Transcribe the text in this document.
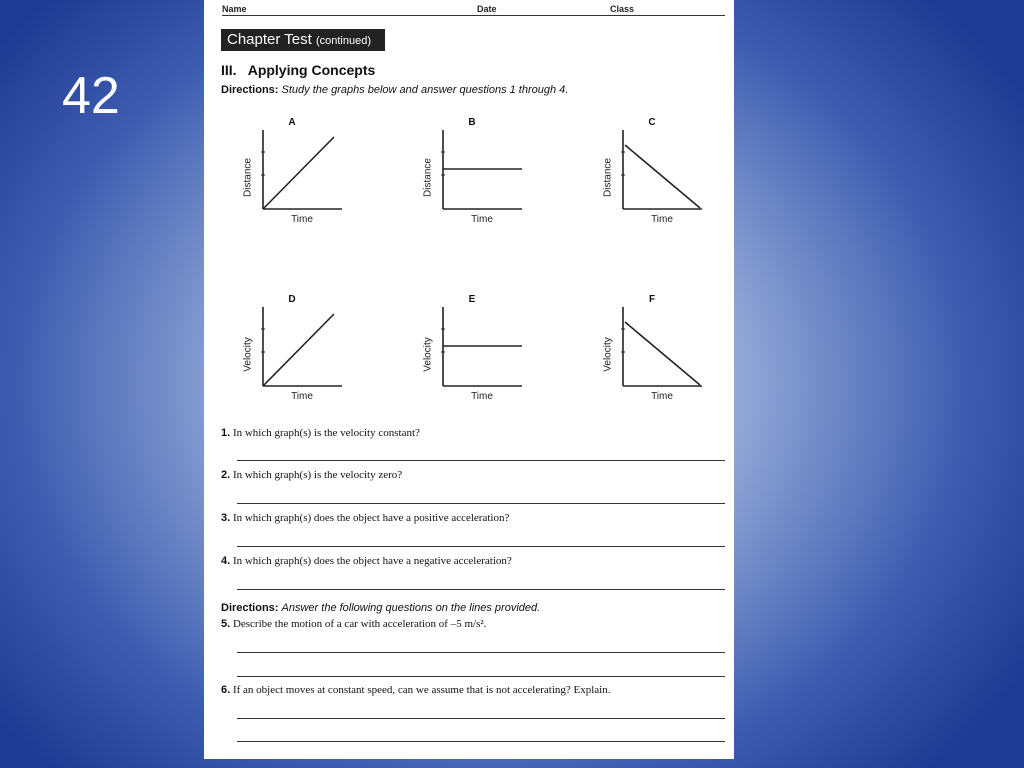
42
Name	Date	Class
Chapter Test (continued)
III.   Applying Concepts
Directions: Study the graphs below and answer questions 1 through 4.
A
Distance
Time
B
Distance
Time
C
Distance
Time
D
Velocity
Time
E
Velocity
Time
F
Velocity
Time
1. In which graph(s) is the velocity constant?
2. In which graph(s) is the velocity zero?
3. In which graph(s) does the object have a positive acceleration?
4. In which graph(s) does the object have a negative acceleration?
Directions: Answer the following questions on the lines provided.
5. Describe the motion of a car with acceleration of –5 m/s².
6. If an object moves at constant speed, can we assume that is not accelerating? Explain.
